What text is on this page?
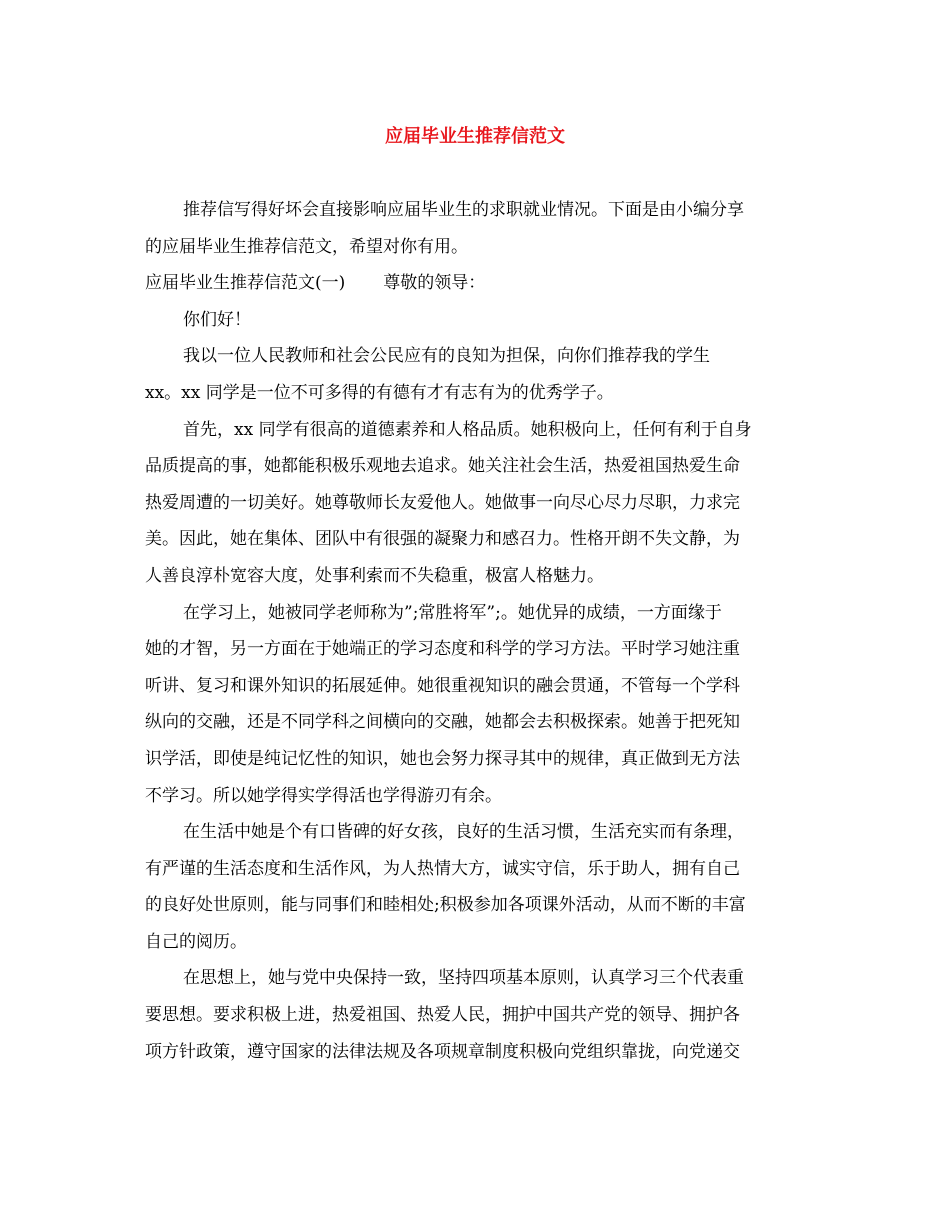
应届毕业生推荐信范文
推荐信写得好坏会直接影响应届毕业生的求职就业情况。下面是由小编分享
的应届毕业生推荐信范文，希望对你有用。
应届毕业生推荐信范文(一) 尊敬的领导：
你们好！
我以一位人民教师和社会公民应有的良知为担保，向你们推荐我的学生
xx。xx 同学是一位不可多得的有德有才有志有为的优秀学子。
首先，xx 同学有很高的道德素养和人格品质。她积极向上，任何有利于自身
品质提高的事，她都能积极乐观地去追求。她关注社会生活，热爱祖国热爱生命
热爱周遭的一切美好。她尊敬师长友爱他人。她做事一向尽心尽力尽职，力求完
美。因此，她在集体、团队中有很强的凝聚力和感召力。性格开朗不失文静，为
人善良淳朴宽容大度，处事利索而不失稳重，极富人格魅力。
在学习上，她被同学老师称为”;常胜将军”;。她优异的成绩，一方面缘于
她的才智，另一方面在于她端正的学习态度和科学的学习方法。平时学习她注重
听讲、复习和课外知识的拓展延伸。她很重视知识的融会贯通，不管每一个学科
纵向的交融，还是不同学科之间横向的交融，她都会去积极探索。她善于把死知
识学活，即使是纯记忆性的知识，她也会努力探寻其中的规律，真正做到无方法
不学习。所以她学得实学得活也学得游刃有余。
在生活中她是个有口皆碑的好女孩，良好的生活习惯，生活充实而有条理，
有严谨的生活态度和生活作风，为人热情大方，诚实守信，乐于助人，拥有自己
的良好处世原则，能与同事们和睦相处;积极参加各项课外活动，从而不断的丰富
自己的阅历。
在思想上，她与党中央保持一致，坚持四项基本原则，认真学习三个代表重
要思想。要求积极上进，热爱祖国、热爱人民，拥护中国共产党的领导、拥护各
项方针政策，遵守国家的法律法规及各项规章制度积极向党组织靠拢，向党递交
